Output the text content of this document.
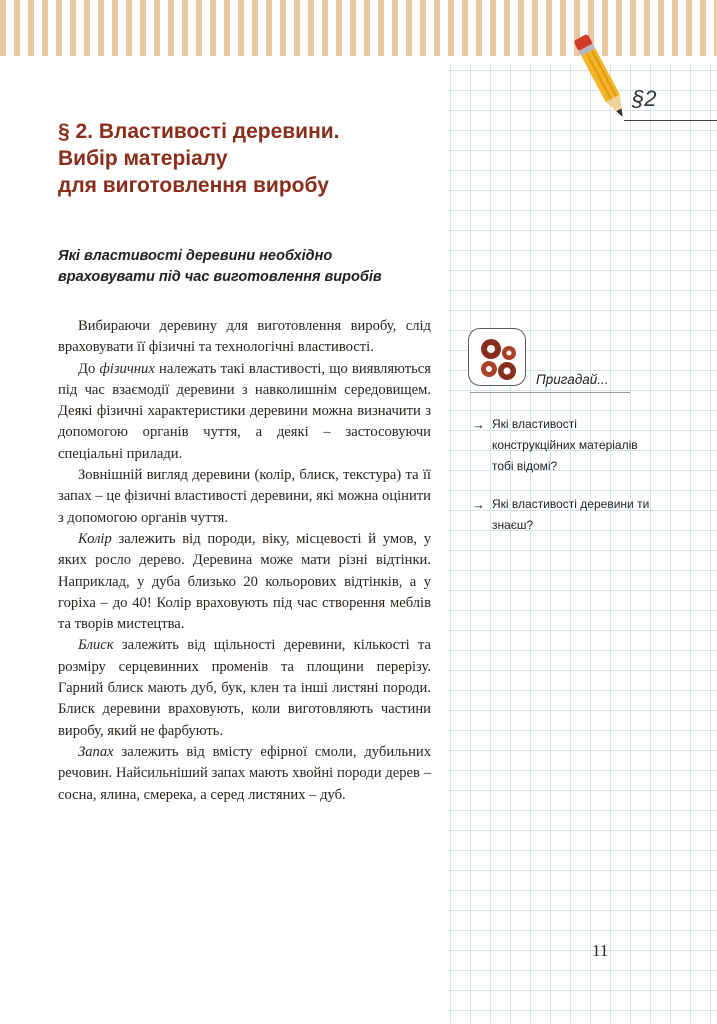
§2
§ 2. Властивості деревини.
Вибір матеріалу
для виготовлення виробу
Які властивості деревини необхідно
враховувати під час виготовлення виробів

Вибираючи деревину для виготовлення виробу, слід враховувати її фізичні та технологічні властивості.

До фізичних належать такі властивості, що виявляються під час взаємодії деревини з навколишнім середовищем. Деякі фізичні характеристики деревини можна визначити з допомогою органів чуття, а деякі – застосовуючи спеціальні прилади.

Зовнішній вигляд деревини (колір, блиск, текстура) та її запах – це фізичні властивості деревини, які можна оцінити з допомогою органів чуття.

Колір залежить від породи, віку, місцевості й умов, у яких росло дерево. Деревина може мати різні відтінки. Наприклад, у дуба близько 20 кольорових відтінків, а у горіха – до 40! Колір враховують під час створення меблів та творів мистецтва.

Блиск залежить від щільності деревини, кількості та розміру серцевинних променів та площини перерізу. Гарний блиск мають дуб, бук, клен та інші листяні породи. Блиск деревини враховують, коли виготовляють частини виробу, який не фарбують.

Запах залежить від вмісту ефірної смоли, дубильних речовин. Найсильніший запах мають хвойні породи дерев – сосна, ялина, смерека, а серед листяних – дуб.

Пригадай...
→ Які властивості конструкційних матеріалів тобі відомі?
→ Які властивості деревини ти знаєш?
11
